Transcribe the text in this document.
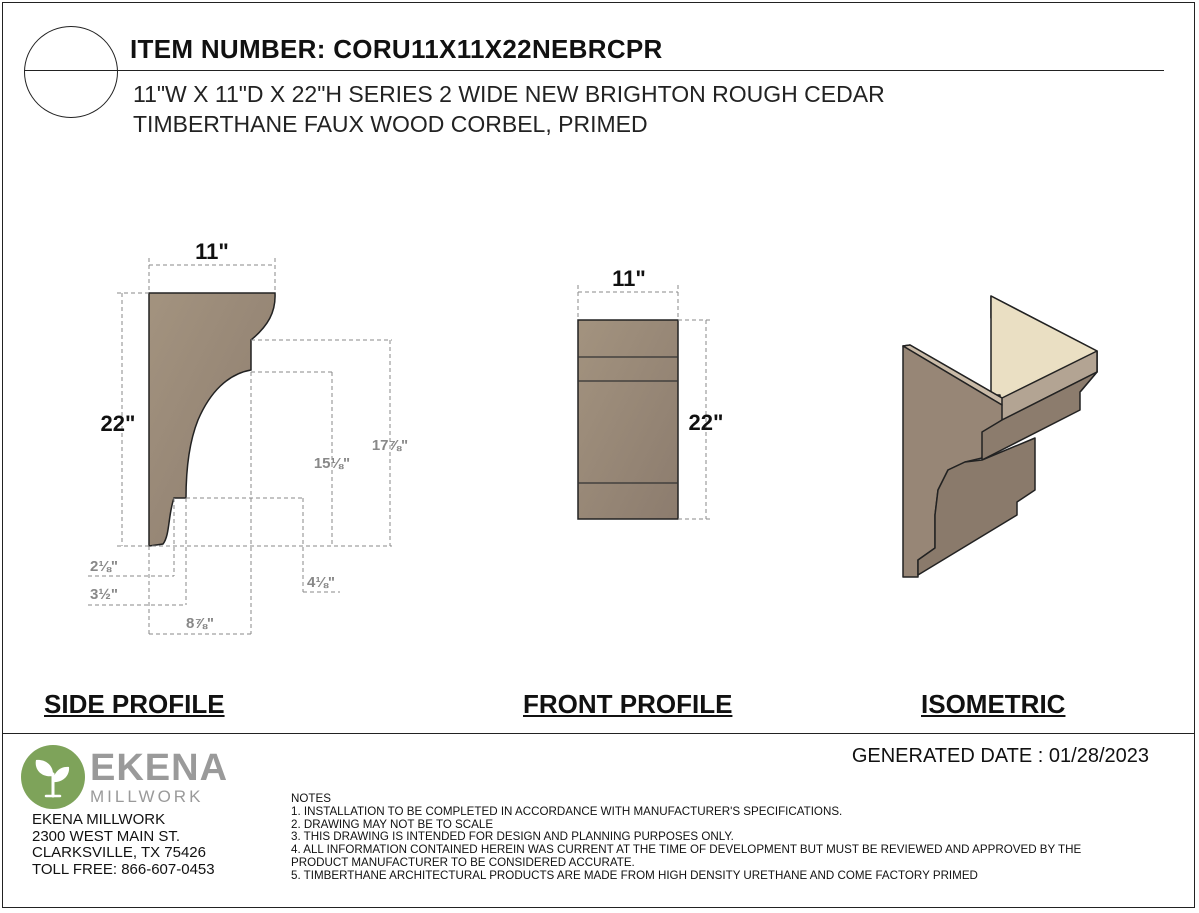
ITEM NUMBER: CORU11X11X22NEBRCPR
11"W X 11"D X 22"H SERIES 2 WIDE NEW BRIGHTON ROUGH CEDAR
TIMBERTHANE FAUX WOOD CORBEL, PRIMED
11"
22"
15⅛"
17⅞"
2⅛"
3½"
4⅛"
8⅞"
11"
22"
SIDE PROFILE	FRONT PROFILE	ISOMETRIC
GENERATED DATE : 01/28/2023
EKENA
MILLWORK
EKENA MILLWORK
2300 WEST MAIN ST.
CLARKSVILLE, TX 75426
TOLL FREE: 866-607-0453
NOTES
1. INSTALLATION TO BE COMPLETED IN ACCORDANCE WITH MANUFACTURER'S SPECIFICATIONS.
2. DRAWING MAY NOT BE TO SCALE
3. THIS DRAWING IS INTENDED FOR DESIGN AND PLANNING PURPOSES ONLY.
4. ALL INFORMATION CONTAINED HEREIN WAS CURRENT AT THE TIME OF DEVELOPMENT BUT MUST BE REVIEWED AND APPROVED BY THE
PRODUCT MANUFACTURER TO BE CONSIDERED ACCURATE.
5. TIMBERTHANE ARCHITECTURAL PRODUCTS ARE MADE FROM HIGH DENSITY URETHANE AND COME FACTORY PRIMED
